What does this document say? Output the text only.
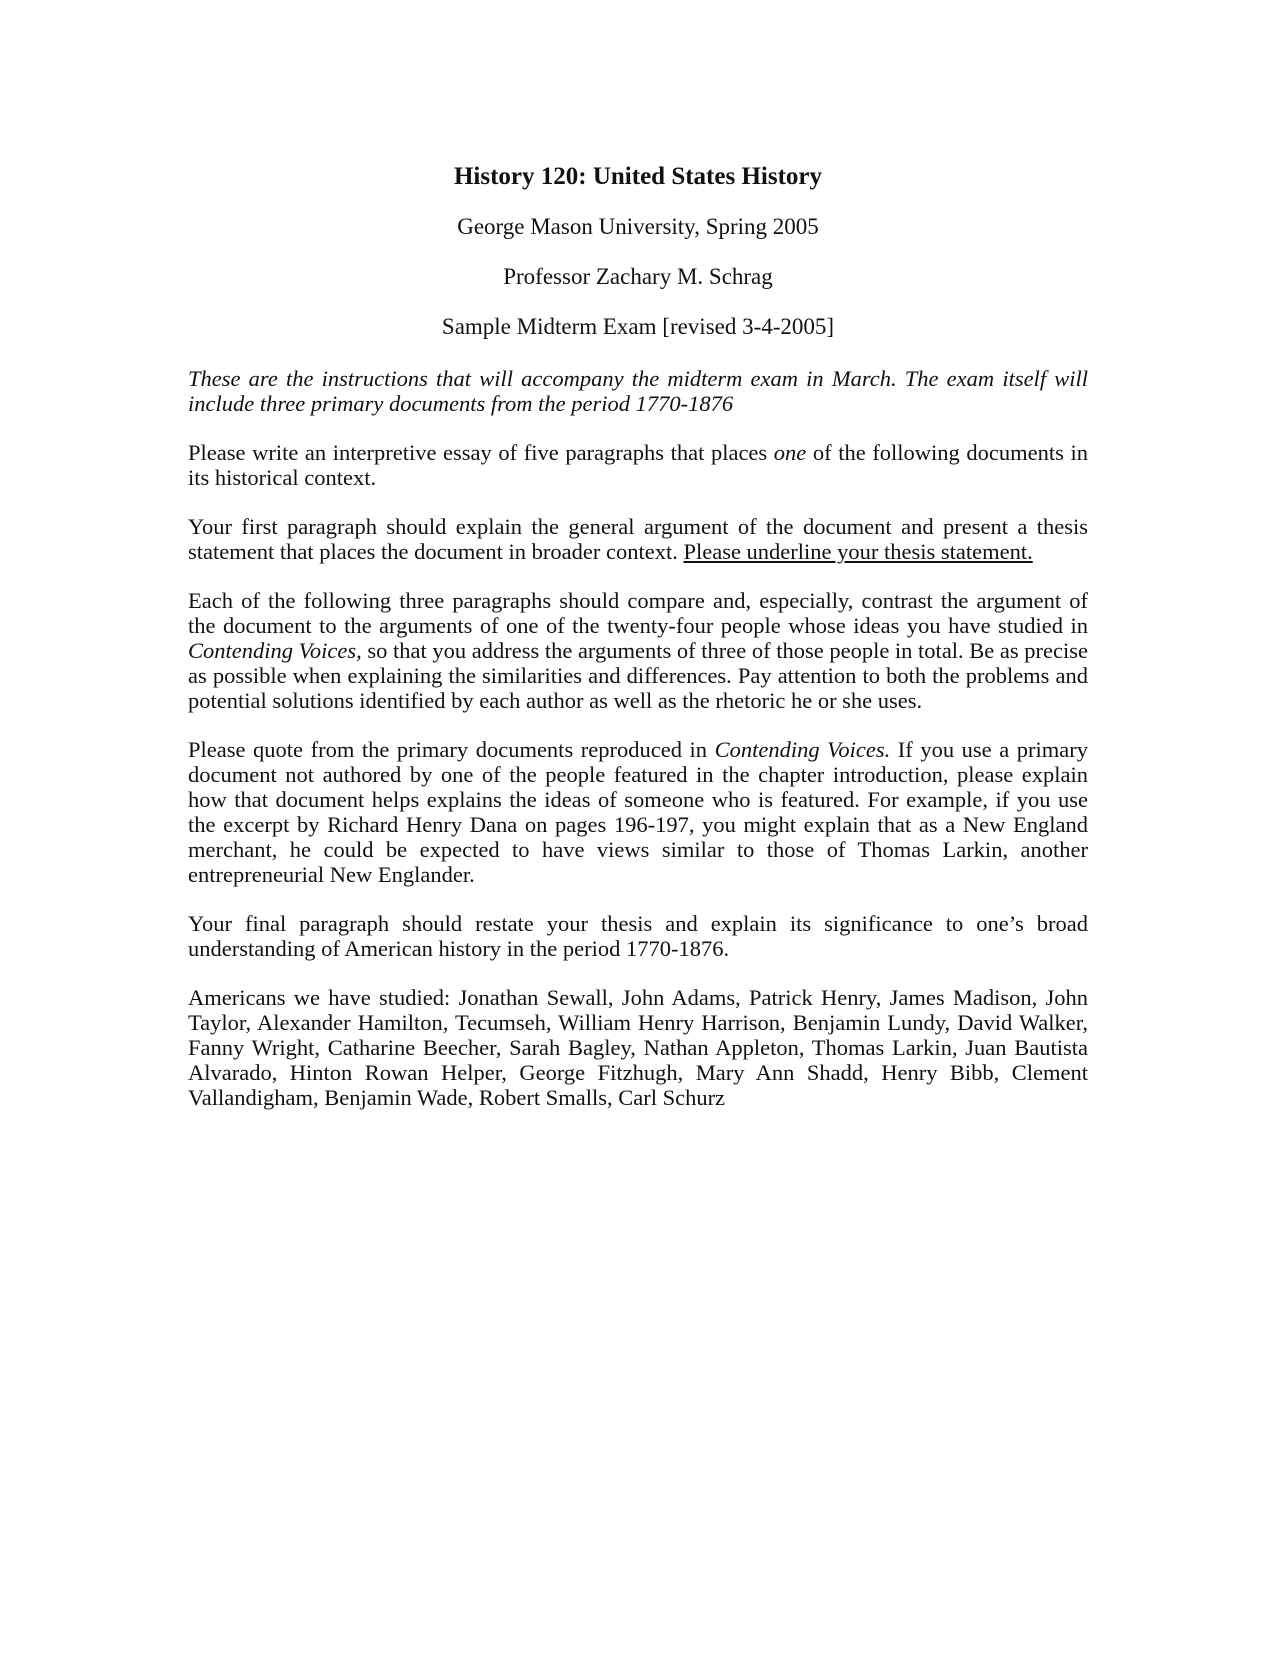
History 120: United States History
George Mason University, Spring 2005
Professor Zachary M. Schrag
Sample Midterm Exam [revised 3-4-2005]

These are the instructions that will accompany the midterm exam in March. The exam itself will include three primary documents from the period 1770-1876

Please write an interpretive essay of five paragraphs that places one of the following documents in its historical context.

Your first paragraph should explain the general argument of the document and present a thesis statement that places the document in broader context. Please underline your thesis statement.

Each of the following three paragraphs should compare and, especially, contrast the argument of the document to the arguments of one of the twenty-four people whose ideas you have studied in Contending Voices, so that you address the arguments of three of those people in total. Be as precise as possible when explaining the similarities and differences. Pay attention to both the problems and potential solutions identified by each author as well as the rhetoric he or she uses.

Please quote from the primary documents reproduced in Contending Voices. If you use a primary document not authored by one of the people featured in the chapter introduction, please explain how that document helps explains the ideas of someone who is featured. For example, if you use the excerpt by Richard Henry Dana on pages 196-197, you might explain that as a New England merchant, he could be expected to have views similar to those of Thomas Larkin, another entrepreneurial New Englander.

Your final paragraph should restate your thesis and explain its significance to one’s broad understanding of American history in the period 1770-1876.

Americans we have studied: Jonathan Sewall, John Adams, Patrick Henry, James Madison, John Taylor, Alexander Hamilton, Tecumseh, William Henry Harrison, Benjamin Lundy, David Walker, Fanny Wright, Catharine Beecher, Sarah Bagley, Nathan Appleton, Thomas Larkin, Juan Bautista Alvarado, Hinton Rowan Helper, George Fitzhugh, Mary Ann Shadd, Henry Bibb, Clement Vallandigham, Benjamin Wade, Robert Smalls, Carl Schurz
